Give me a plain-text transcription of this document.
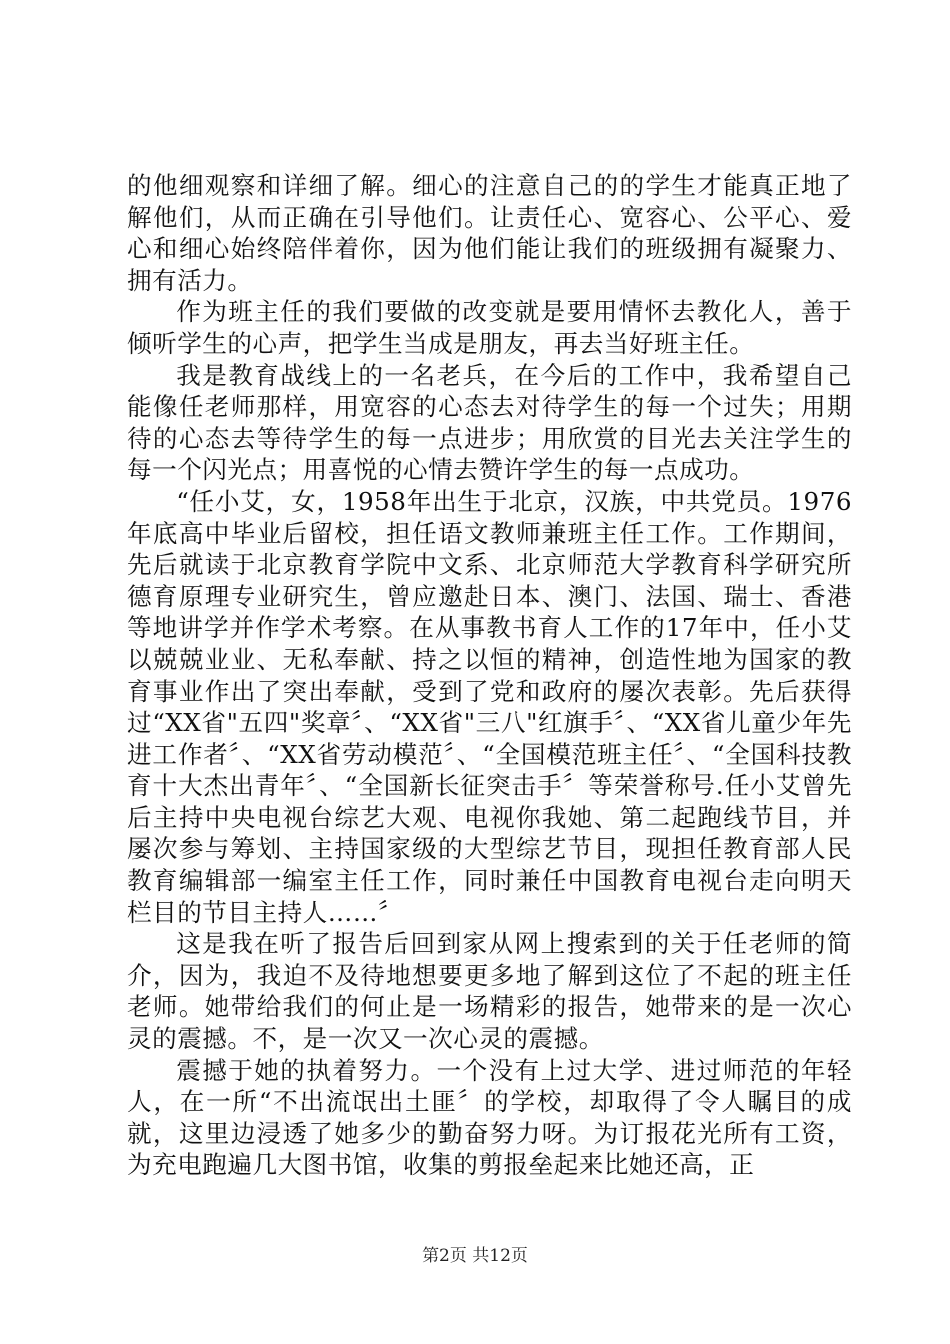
的他细观察和详细了解。细心的注意自己的的学生才能真正地了解他们，从而正确在引导他们。让责任心、宽容心、公平心、爱心和细心始终陪伴着你，因为他们能让我们的班级拥有凝聚力、拥有活力。

作为班主任的我们要做的改变就是要用情怀去教化人，善于倾听学生的心声，把学生当成是朋友，再去当好班主任。

我是教育战线上的一名老兵，在今后的工作中，我希望自己能像任老师那样，用宽容的心态去对待学生的每一个过失；用期待的心态去等待学生的每一点进步；用欣赏的目光去关注学生的每一个闪光点；用喜悦的心情去赞许学生的每一点成功。

“任小艾，女，1958年出生于北京，汉族，中共党员。1976年底高中毕业后留校，担任语文教师兼班主任工作。工作期间，先后就读于北京教育学院中文系、北京师范大学教育科学研究所德育原理专业研究生，曾应邀赴日本、澳门、法国、瑞士、香港等地讲学并作学术考察。在从事教书育人工作的17年中，任小艾以兢兢业业、无私奉献、持之以恒的精神，创造性地为国家的教育事业作出了突出奉献，受到了党和政府的屡次表彰。先后获得过“XX省"五四"奖章〞、“XX省"三八"红旗手〞、“XX省儿童少年先进工作者〞、“XX省劳动模范〞、“全国模范班主任〞、“全国科技教育十大杰出青年〞、“全国新长征突击手〞等荣誉称号.任小艾曾先后主持中央电视台综艺大观、电视你我她、第二起跑线节目，并屡次参与筹划、主持国家级的大型综艺节目，现担任教育部人民教育编辑部一编室主任工作，同时兼任中国教育电视台走向明天栏目的节目主持人……〞

这是我在听了报告后回到家从网上搜索到的关于任老师的简介，因为，我迫不及待地想要更多地了解到这位了不起的班主任老师。她带给我们的何止是一场精彩的报告，她带来的是一次心灵的震撼。不，是一次又一次心灵的震撼。

震撼于她的执着努力。一个没有上过大学、进过师范的年轻人，在一所“不出流氓出土匪〞的学校，却取得了令人瞩目的成就，这里边浸透了她多少的勤奋努力呀。为订报花光所有工资，为充电跑遍几大图书馆，收集的剪报垒起来比她还高，正

第2页 共12页
